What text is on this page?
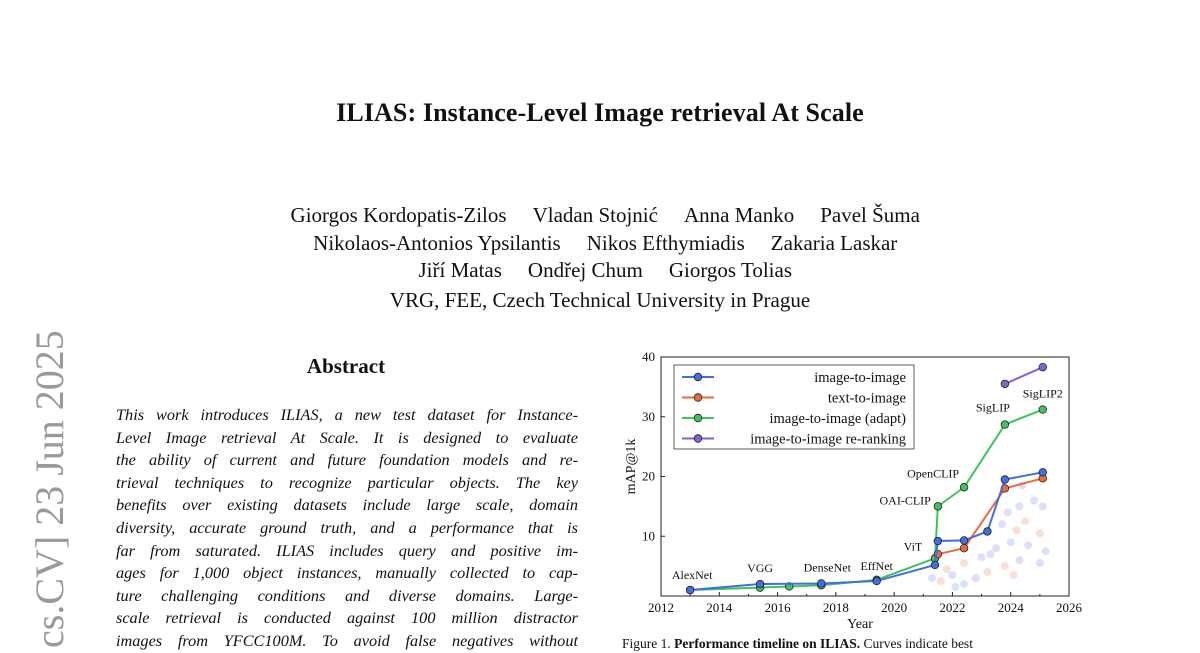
cs.CV] 23 Jun 2025
ILIAS: Instance-Level Image retrieval At Scale

Giorgos Kordopatis-Zilos Vladan Stojnić Anna Manko Pavel Šuma

Nikolaos-Antonios Ypsilantis Nikos Efthymiadis Zakaria Laskar

Jiří Matas Ondřej Chum Giorgos Tolias

VRG, FEE, Czech Technical University in Prague
Abstract
This work introduces ILIAS, a new test dataset for Instance-
Level Image retrieval At Scale. It is designed to evaluate
the ability of current and future foundation models and re-
trieval techniques to recognize particular objects. The key
benefits over existing datasets include large scale, domain
diversity, accurate ground truth, and a performance that is
far from saturated. ILIAS includes query and positive im-
ages for 1,000 object instances, manually collected to cap-
ture challenging conditions and diverse domains. Large-
scale retrieval is conducted against 100 million distractor
images from YFCC100M. To avoid false negatives without
2012 2014 2016 2018 2020 2022 2024 2026
10
20
30
40
Year
mAP@1k
AlexNet	VGG	DenseNet EffNet
ViT
OAI-CLIP
OpenCLIP
SigLIP
SigLIP2
image-to-image
text-to-image
image-to-image (adapt)
image-to-image re-ranking
Figure 1. Performance timeline on ILIAS. Curves indicate best
